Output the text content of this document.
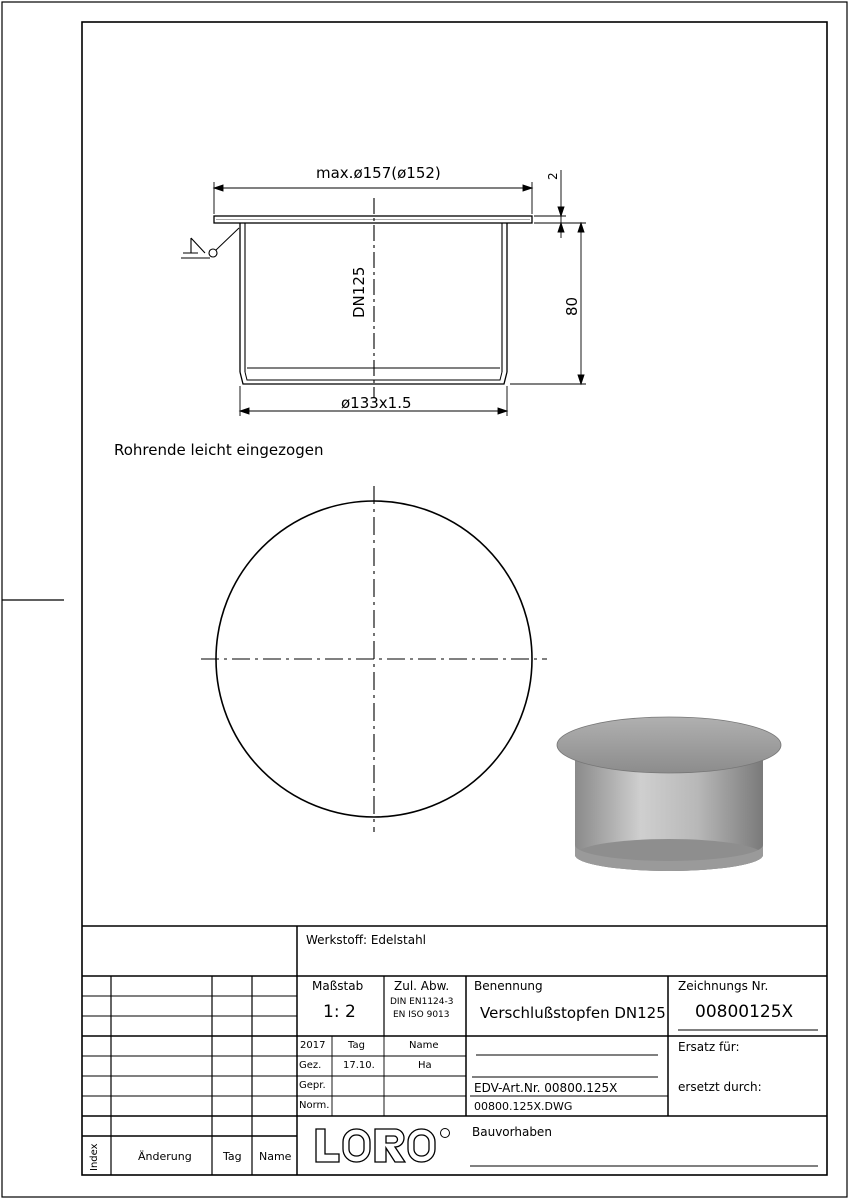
max.ø157(ø152)	2
80
DN125
ø133x1.5
Rohrende leicht eingezogen
Werkstoff: Edelstahl
Maßstab
1: 2
Zul. Abw.
DIN EN1124-3
EN ISO 9013
Benennung
Verschlußstopfen DN125
Zeichnungs Nr.
00800125X
2017 Tag	Name
Gez. 17.10.	Ha
Gepr.
Norm.
EDV-Art.Nr. 00800.125X
00800.125X.DWG
Ersatz für:
ersetzt durch:
Bauvorhaben
Index	Änderung	Tag Name
